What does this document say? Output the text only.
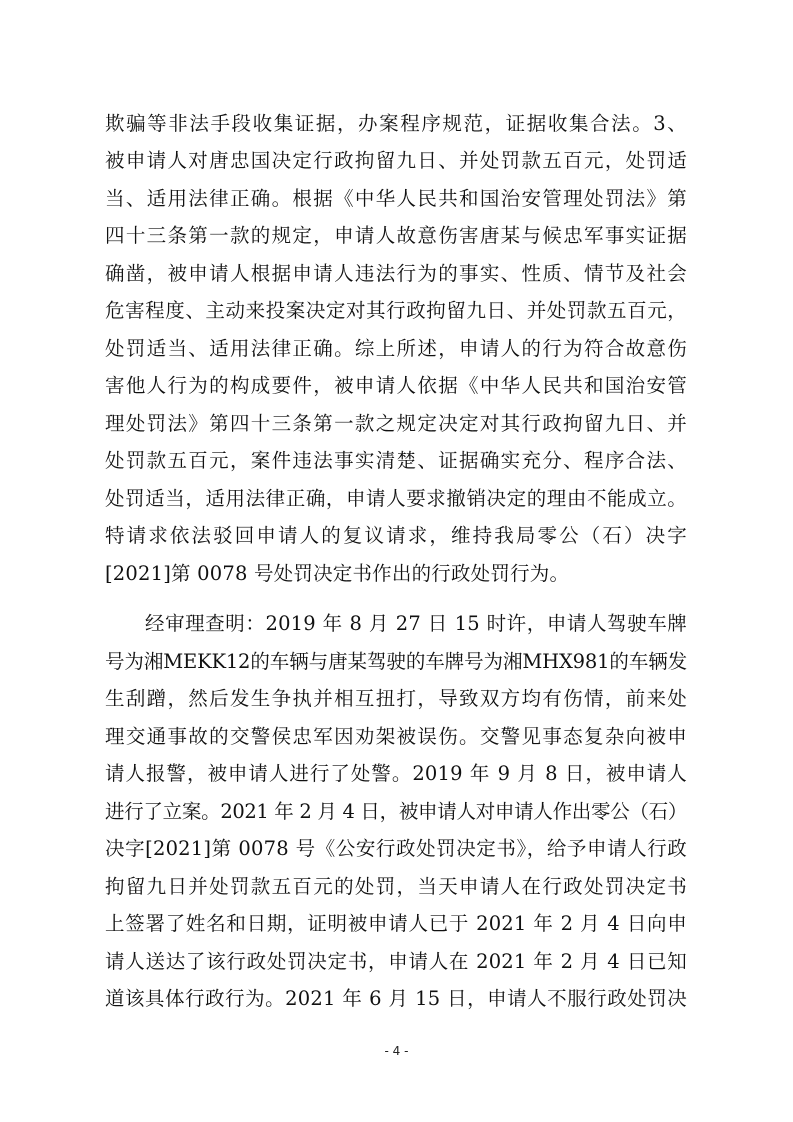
欺骗等非法手段收集证据，办案程序规范，证据收集合法。3、
被申请人对唐忠国决定行政拘留九日、并处罚款五百元，处罚适
当、适用法律正确。根据《中华人民共和国治安管理处罚法》第
四十三条第一款的规定，申请人故意伤害唐某与候忠军事实证据
确凿，被申请人根据申请人违法行为的事实、性质、情节及社会
危害程度、主动来投案决定对其行政拘留九日、并处罚款五百元，
处罚适当、适用法律正确。综上所述，申请人的行为符合故意伤
害他人行为的构成要件，被申请人依据《中华人民共和国治安管
理处罚法》第四十三条第一款之规定决定对其行政拘留九日、并
处罚款五百元，案件违法事实清楚、证据确实充分、程序合法、
处罚适当，适用法律正确，申请人要求撤销决定的理由不能成立。
特请求依法驳回申请人的复议请求，维持我局零公（石）决字
[2021]第 0078 号处罚决定书作出的行政处罚行为。
经审理查明：2019 年 8 月 27 日 15 时许，申请人驾驶车牌
号为湘MEKK12的车辆与唐某驾驶的车牌号为湘MHX981的车辆发
生刮蹭，然后发生争执并相互扭打，导致双方均有伤情，前来处
理交通事故的交警侯忠军因劝架被误伤。交警见事态复杂向被申
请人报警，被申请人进行了处警。2019 年 9 月 8 日，被申请人
进行了立案。2021 年 2 月 4 日，被申请人对申请人作出零公（石）
决字[2021]第 0078 号《公安行政处罚决定书》，给予申请人行政
拘留九日并处罚款五百元的处罚，当天申请人在行政处罚决定书
上签署了姓名和日期，证明被申请人已于 2021 年 2 月 4 日向申
请人送达了该行政处罚决定书，申请人在 2021 年 2 月 4 日已知
道该具体行政行为。2021 年 6 月 15 日，申请人不服行政处罚决
- 4 -
